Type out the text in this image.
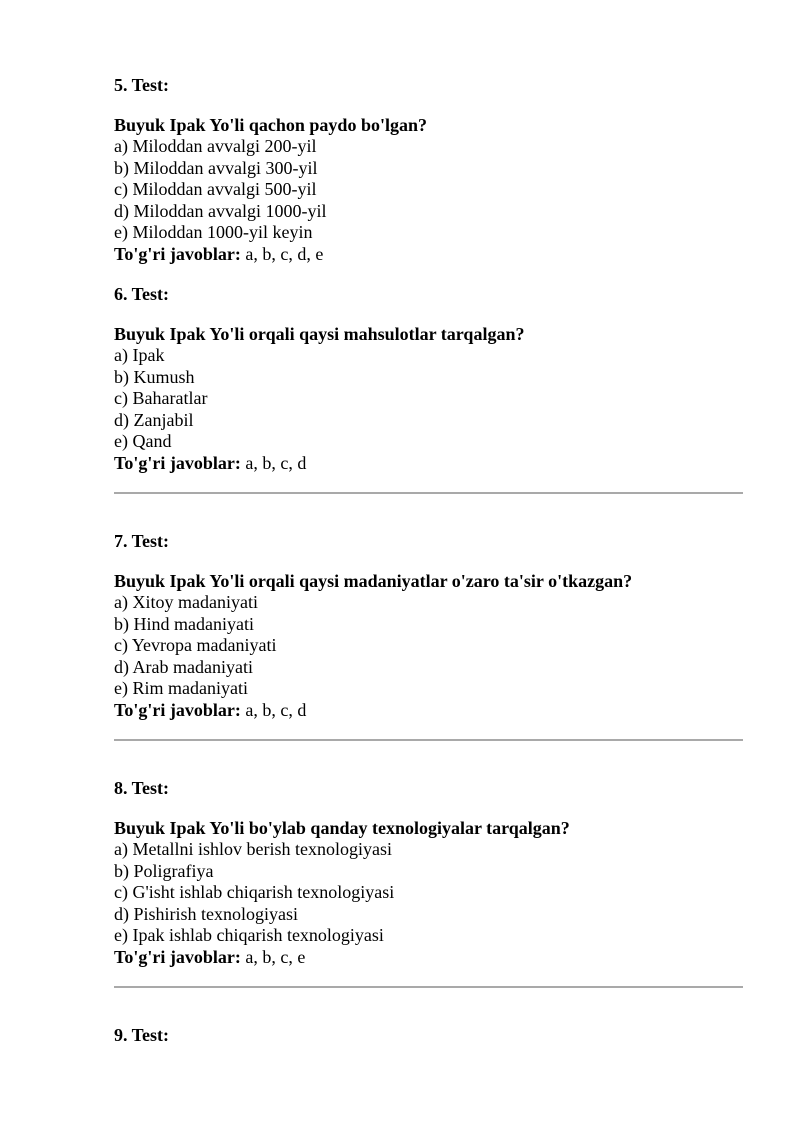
5. Test:

Buyuk Ipak Yo'li qachon paydo bo'lgan?

a) Miloddan avvalgi 200-yil
b) Miloddan avvalgi 300-yil
c) Miloddan avvalgi 500-yil
d) Miloddan avvalgi 1000-yil
e) Miloddan 1000-yil keyin

To'g'ri javoblar: a, b, c, d, e

6. Test:

Buyuk Ipak Yo'li orqali qaysi mahsulotlar tarqalgan?

a) Ipak
b) Kumush
c) Baharatlar
d) Zanjabil
e) Qand

To'g'ri javoblar: a, b, c, d

7. Test:

Buyuk Ipak Yo'li orqali qaysi madaniyatlar o'zaro ta'sir o'tkazgan?

a) Xitoy madaniyati
b) Hind madaniyati
c) Yevropa madaniyati
d) Arab madaniyati
e) Rim madaniyati

To'g'ri javoblar: a, b, c, d

8. Test:

Buyuk Ipak Yo'li bo'ylab qanday texnologiyalar tarqalgan?

a) Metallni ishlov berish texnologiyasi
b) Poligrafiya
c) G'isht ishlab chiqarish texnologiyasi
d) Pishirish texnologiyasi
e) Ipak ishlab chiqarish texnologiyasi

To'g'ri javoblar: a, b, c, e

9. Test:
